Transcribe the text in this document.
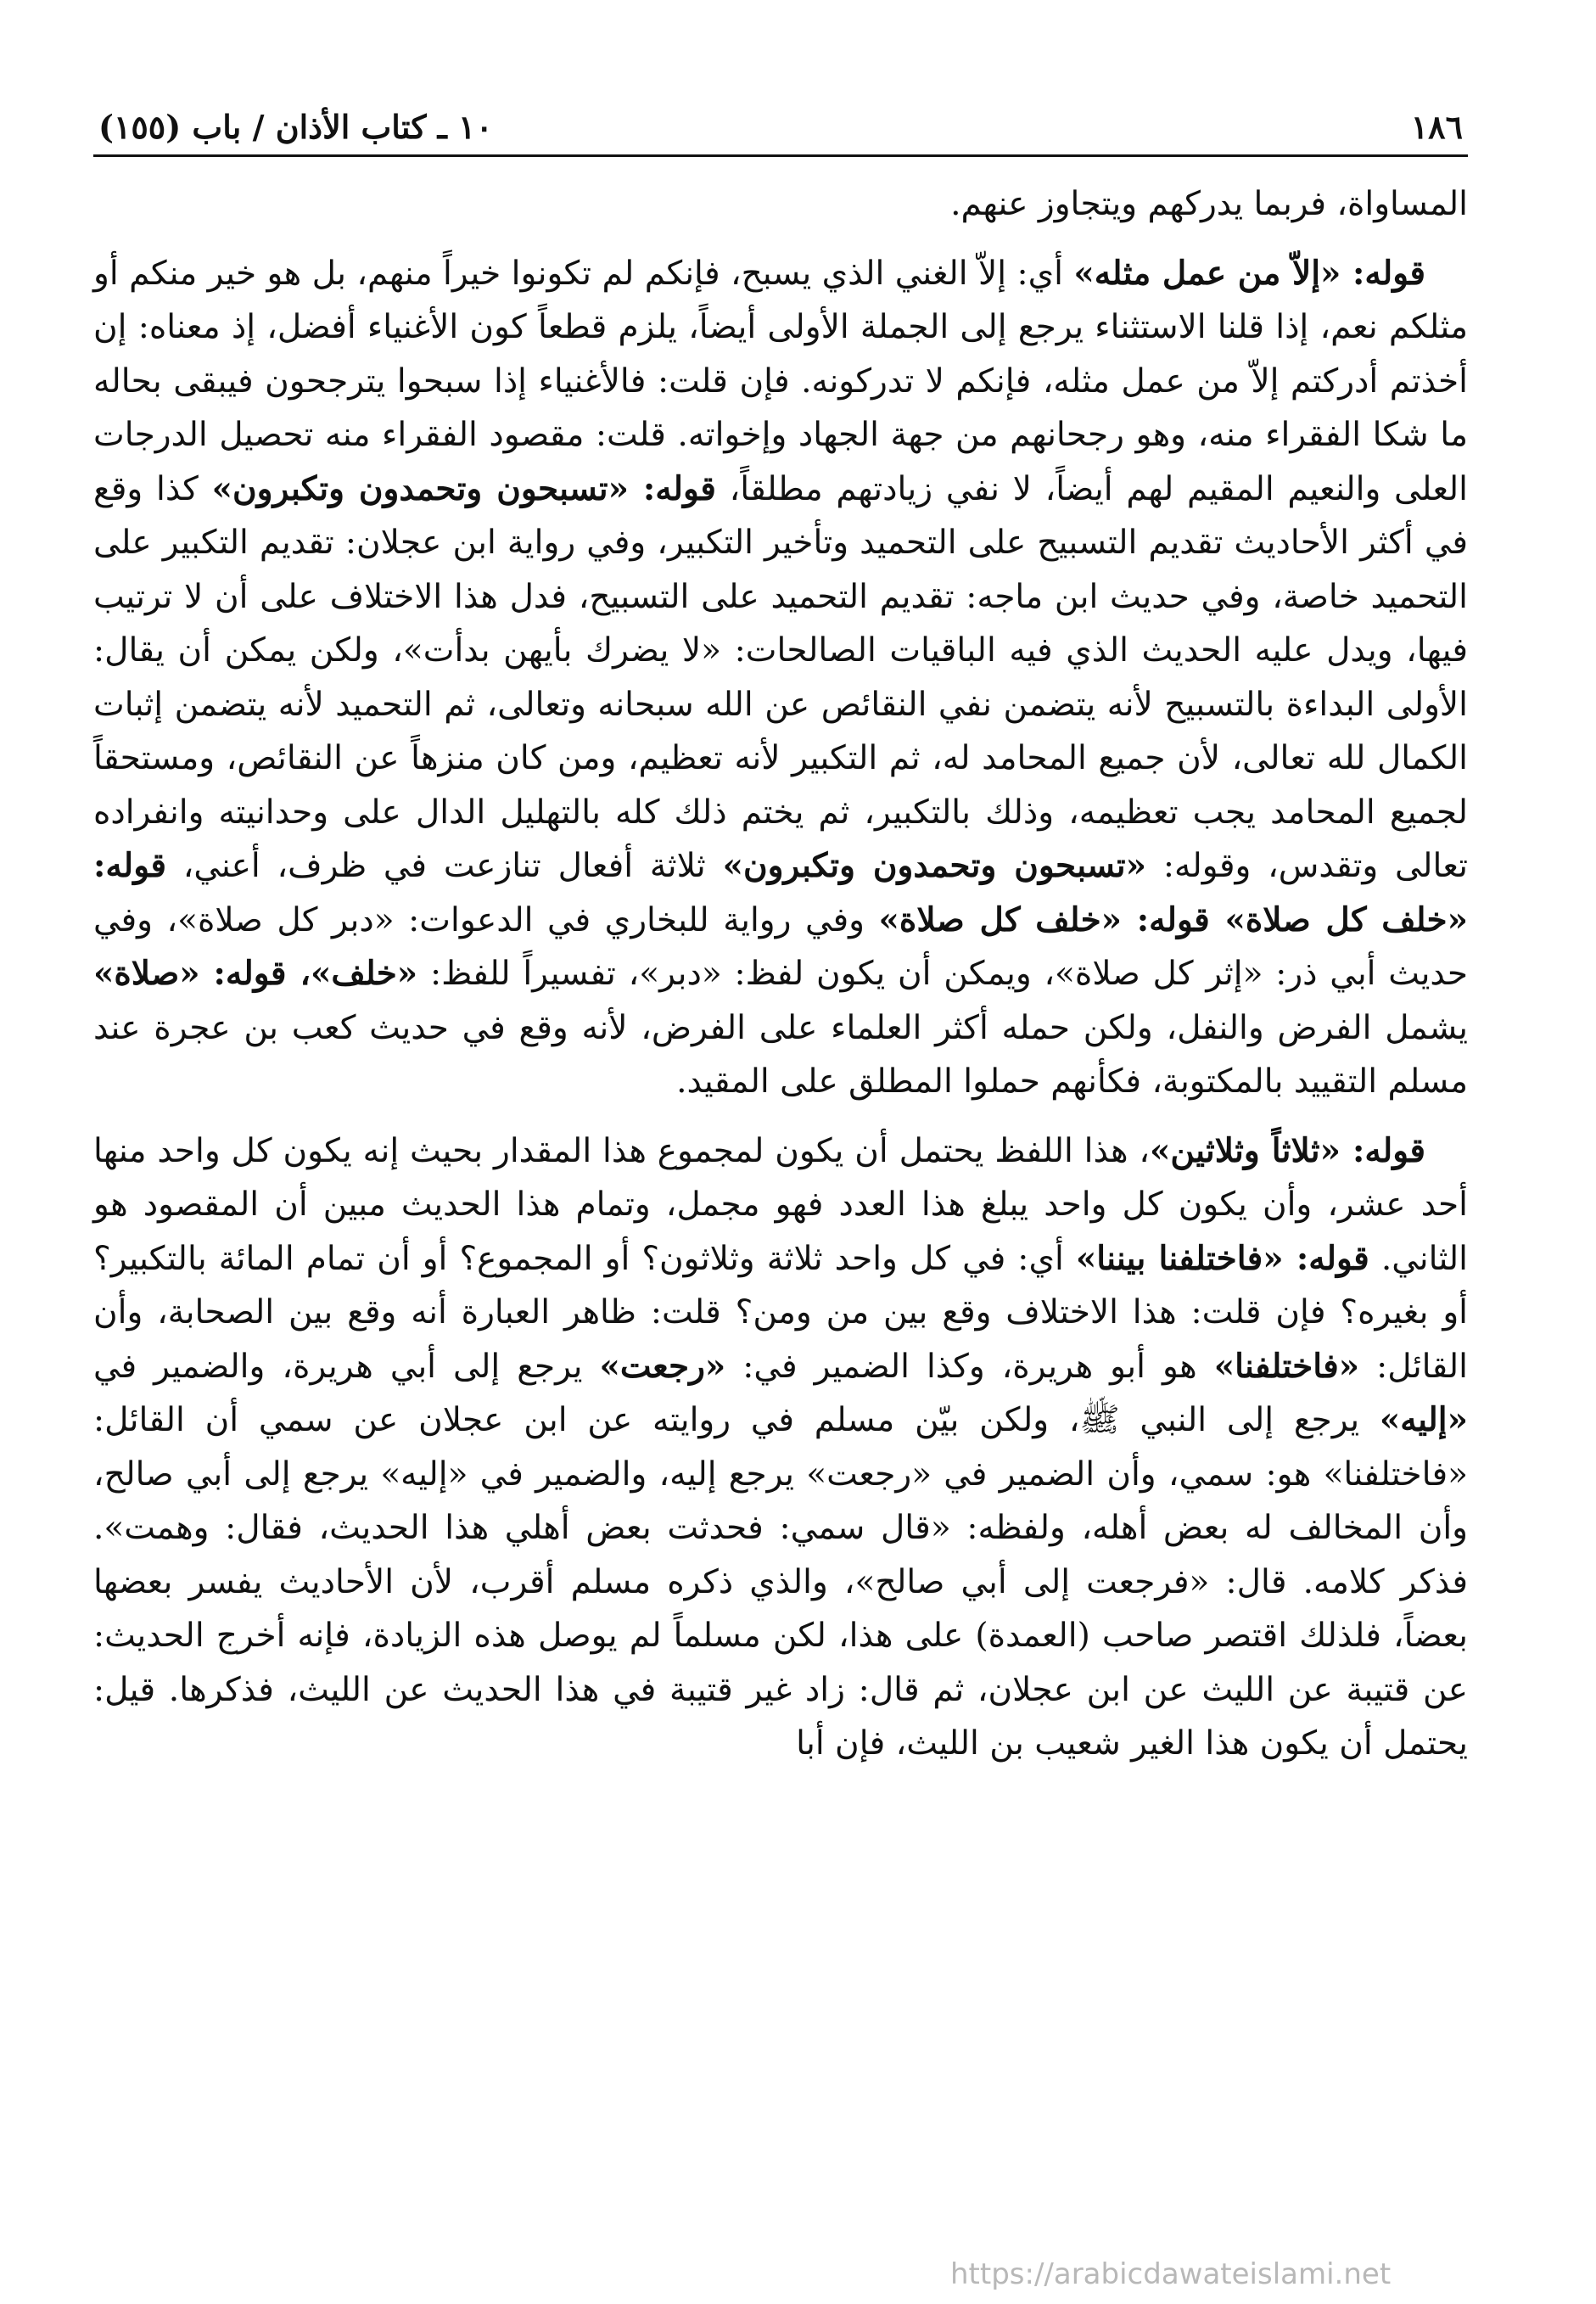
١٨٦
١٠ ـ كتاب الأذان / باب (١٥٥)

المساواة، فربما يدركهم ويتجاوز عنهم.

قوله: «إلاّ من عمل مثله» أي: إلاّ الغني الذي يسبح، فإنكم لم تكونوا خيراً منهم، بل هو خير منكم أو مثلكم نعم، إذا قلنا الاستثناء يرجع إلى الجملة الأولى أيضاً، يلزم قطعاً كون الأغنياء أفضل، إذ معناه: إن أخذتم أدركتم إلاّ من عمل مثله، فإنكم لا تدركونه. فإن قلت: فالأغنياء إذا سبحوا يترجحون فيبقى بحاله ما شكا الفقراء منه، وهو رجحانهم من جهة الجهاد وإخواته. قلت: مقصود الفقراء منه تحصيل الدرجات العلى والنعيم المقيم لهم أيضاً، لا نفي زيادتهم مطلقاً، قوله: «تسبحون وتحمدون وتكبرون» كذا وقع في أكثر الأحاديث تقديم التسبيح على التحميد وتأخير التكبير، وفي رواية ابن عجلان: تقديم التكبير على التحميد خاصة، وفي حديث ابن ماجه: تقديم التحميد على التسبيح، فدل هذا الاختلاف على أن لا ترتيب فيها، ويدل عليه الحديث الذي فيه الباقيات الصالحات: «لا يضرك بأيهن بدأت»، ولكن يمكن أن يقال: الأولى البداءة بالتسبيح لأنه يتضمن نفي النقائص عن الله سبحانه وتعالى، ثم التحميد لأنه يتضمن إثبات الكمال لله تعالى، لأن جميع المحامد له، ثم التكبير لأنه تعظيم، ومن كان منزهاً عن النقائص، ومستحقاً لجميع المحامد يجب تعظيمه، وذلك بالتكبير، ثم يختم ذلك كله بالتهليل الدال على وحدانيته وانفراده تعالى وتقدس، وقوله: «تسبحون وتحمدون وتكبرون» ثلاثة أفعال تنازعت في ظرف، أعني، قوله: «خلف كل صلاة» قوله: «خلف كل صلاة» وفي رواية للبخاري في الدعوات: «دبر كل صلاة»، وفي حديث أبي ذر: «إثر كل صلاة»، ويمكن أن يكون لفظ: «دبر»، تفسيراً للفظ: «خلف»، قوله: «صلاة» يشمل الفرض والنفل، ولكن حمله أكثر العلماء على الفرض، لأنه وقع في حديث كعب بن عجرة عند مسلم التقييد بالمكتوبة، فكأنهم حملوا المطلق على المقيد.

قوله: «ثلاثاً وثلاثين»، هذا اللفظ يحتمل أن يكون لمجموع هذا المقدار بحيث إنه يكون كل واحد منها أحد عشر، وأن يكون كل واحد يبلغ هذا العدد فهو مجمل، وتمام هذا الحديث مبين أن المقصود هو الثاني. قوله: «فاختلفنا بيننا» أي: في كل واحد ثلاثة وثلاثون؟ أو المجموع؟ أو أن تمام المائة بالتكبير؟ أو بغيره؟ فإن قلت: هذا الاختلاف وقع بين من ومن؟ قلت: ظاهر العبارة أنه وقع بين الصحابة، وأن القائل: «فاختلفنا» هو أبو هريرة، وكذا الضمير في: «رجعت» يرجع إلى أبي هريرة، والضمير في «إليه» يرجع إلى النبي ﷺ، ولكن بيّن مسلم في روايته عن ابن عجلان عن سمي أن القائل: «فاختلفنا» هو: سمي، وأن الضمير في «رجعت» يرجع إليه، والضمير في «إليه» يرجع إلى أبي صالح، وأن المخالف له بعض أهله، ولفظه: «قال سمي: فحدثت بعض أهلي هذا الحديث، فقال: وهمت». فذكر كلامه. قال: «فرجعت إلى أبي صالح»، والذي ذكره مسلم أقرب، لأن الأحاديث يفسر بعضها بعضاً، فلذلك اقتصر صاحب (العمدة) على هذا، لكن مسلماً لم يوصل هذه الزيادة، فإنه أخرج الحديث: عن قتيبة عن الليث عن ابن عجلان، ثم قال: زاد غير قتيبة في هذا الحديث عن الليث، فذكرها. قيل: يحتمل أن يكون هذا الغير شعيب بن الليث، فإن أبا

https://arabicdawateislami.net
